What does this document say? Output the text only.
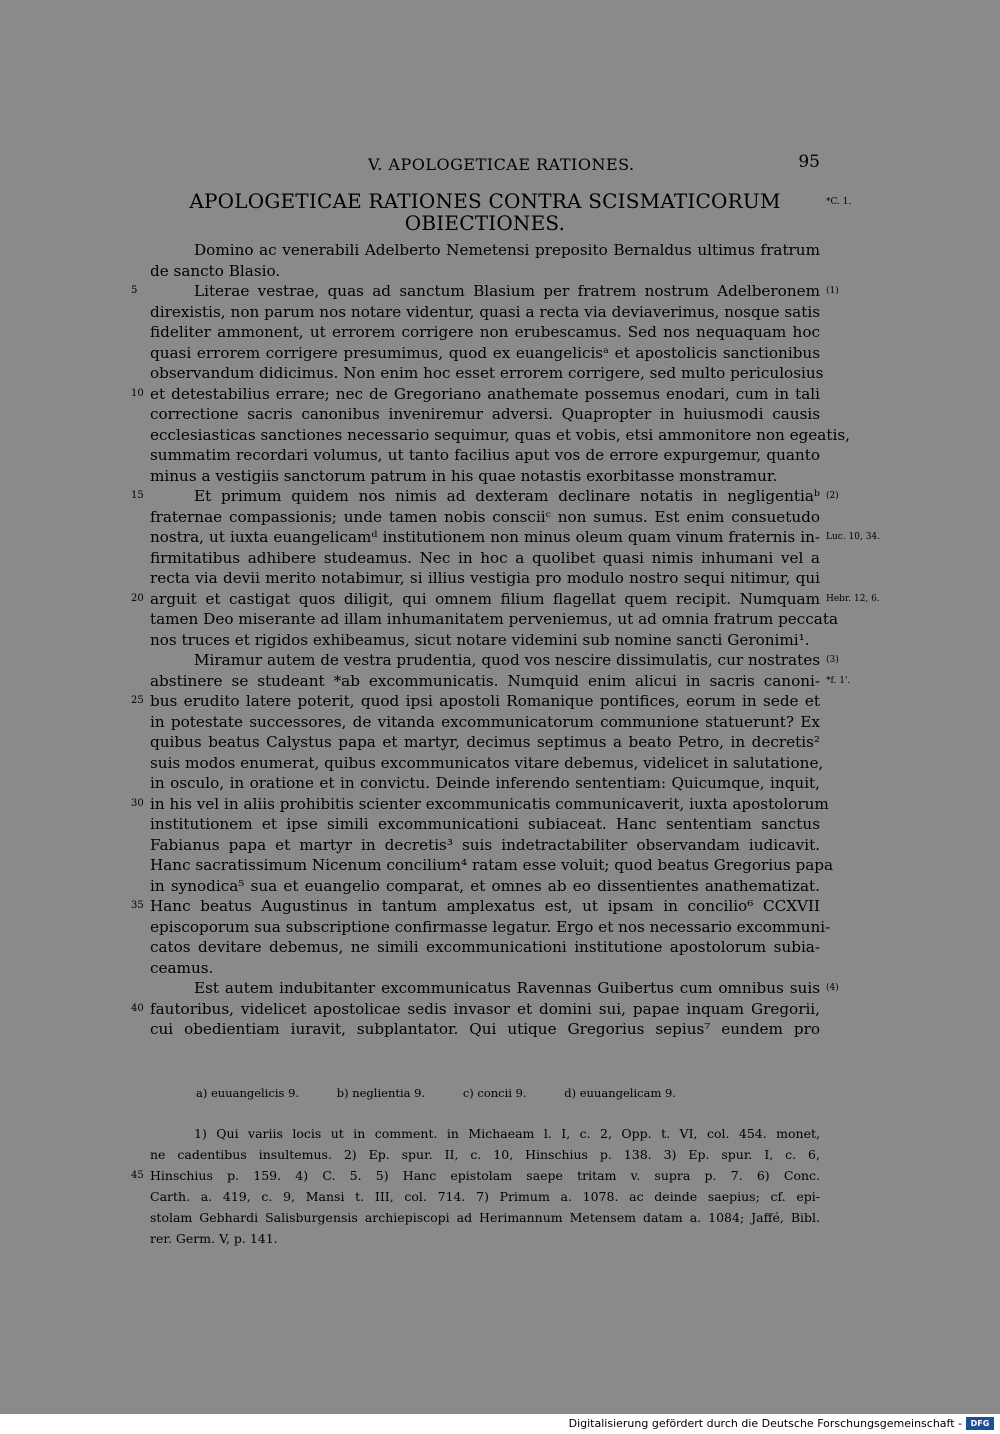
V. APOLOGETICAE RATIONES.	95
APOLOGETICAE RATIONES CONTRA SCISMATICORUM
OBIECTIONES.
*C. 1.
Domino ac venerabili Adelberto Nemetensi preposito Bernaldus ultimus fratrum
de sancto Blasio.
Literae vestrae, quas ad sanctum Blasium per fratrem nostrum Adelberonem
5	(1)
direxistis, non parum nos notare videntur, quasi a recta via deviaverimus, nosque satis
fideliter ammonent, ut errorem corrigere non erubescamus. Sed nos nequaquam hoc
quasi errorem corrigere presumimus, quod ex euangelicisᵃ et apostolicis sanctionibus
observandum didicimus. Non enim hoc esset errorem corrigere, sed multo periculosius
et detestabilius errare; nec de Gregoriano anathemate possemus enodari, cum in tali
10
correctione sacris canonibus inveniremur adversi. Quapropter in huiusmodi causis
ecclesiasticas sanctiones necessario sequimur, quas et vobis, etsi ammonitore non egeatis,
summatim recordari volumus, ut tanto facilius aput vos de errore expurgemur, quanto
minus a vestigiis sanctorum patrum in his quae notastis exorbitasse monstramur.
Et primum quidem nos nimis ad dexteram declinare notatis in negligentiaᵇ
15	(2)
fraternae compassionis; unde tamen nobis consciiᶜ non sumus. Est enim consuetudo
nostra, ut iuxta euangelicamᵈ institutionem non minus oleum quam vinum fraternis in- Luc. 10, 34.
firmitatibus adhibere studeamus. Nec in hoc a quolibet quasi nimis inhumani vel a
recta via devii merito notabimur, si illius vestigia pro modulo nostro sequi nitimur, qui
arguit et castigat quos diligit, qui omnem filium flagellat quem recipit. Numquam
20	Hebr. 12, 6.
tamen Deo miserante ad illam inhumanitatem perveniemus, ut ad omnia fratrum peccata
nos truces et rigidos exhibeamus, sicut notare videmini sub nomine sancti Geronimi¹.
Miramur autem de vestra prudentia, quod vos nescire dissimulatis, cur nostrates (3)
abstinere se studeant *ab excommunicatis. Numquid enim alicui in sacris canoni- *f. 1'.
bus erudito latere poterit, quod ipsi apostoli Romanique pontifices, eorum in sede et
25
in potestate successores, de vitanda excommunicatorum communione statuerunt? Ex
quibus beatus Calystus papa et martyr, decimus septimus a beato Petro, in decretis²
suis modos enumerat, quibus excommunicatos vitare debemus, videlicet in salutatione,
in osculo, in oratione et in convictu. Deinde inferendo sententiam: Quicumque, inquit,
in his vel in aliis prohibitis scienter excommunicatis communicaverit, iuxta apostolorum
30
institutionem et ipse simili excommunicationi subiaceat. Hanc sententiam sanctus
Fabianus papa et martyr in decretis³ suis indetractabiliter observandam iudicavit.
Hanc sacratissimum Nicenum concilium⁴ ratam esse voluit; quod beatus Gregorius papa
in synodica⁵ sua et euangelio comparat, et omnes ab eo dissentientes anathematizat.
Hanc beatus Augustinus in tantum amplexatus est, ut ipsam in concilio⁶ CCXVII
35
episcoporum sua subscriptione confirmasse legatur. Ergo et nos necessario excommuni-
catos devitare debemus, ne simili excommunicationi institutione apostolorum subia-
ceamus.
Est autem indubitanter excommunicatus Ravennas Guibertus cum omnibus suis (4)
fautoribus, videlicet apostolicae sedis invasor et domini sui, papae inquam Gregorii,
40
cui obedientiam iuravit, subplantator. Qui utique Gregorius sepius⁷ eundem pro
a) euuangelicis 9.	b) neglientia 9.	c) concii 9.	d) euuangelicam 9.
1) Qui variis locis ut in comment. in Michaeam l. I, c. 2, Opp. t. VI, col. 454. monet,
ne cadentibus insultemus. 2) Ep. spur. II, c. 10, Hinschius p. 138. 3) Ep. spur. I, c. 6,
Hinschius p. 159. 4) C. 5. 5) Hanc epistolam saepe tritam v. supra p. 7. 6) Conc.
45
Carth. a. 419, c. 9, Mansi t. III, col. 714. 7) Primum a. 1078. ac deinde saepius; cf. epi-
stolam Gebhardi Salisburgensis archiepiscopi ad Herimannum Metensem datam a. 1084; Jaffé, Bibl.
rer. Germ. V, p. 141.
Digitalisierung gefördert durch die Deutsche Forschungsgemeinschaft -	DFG
